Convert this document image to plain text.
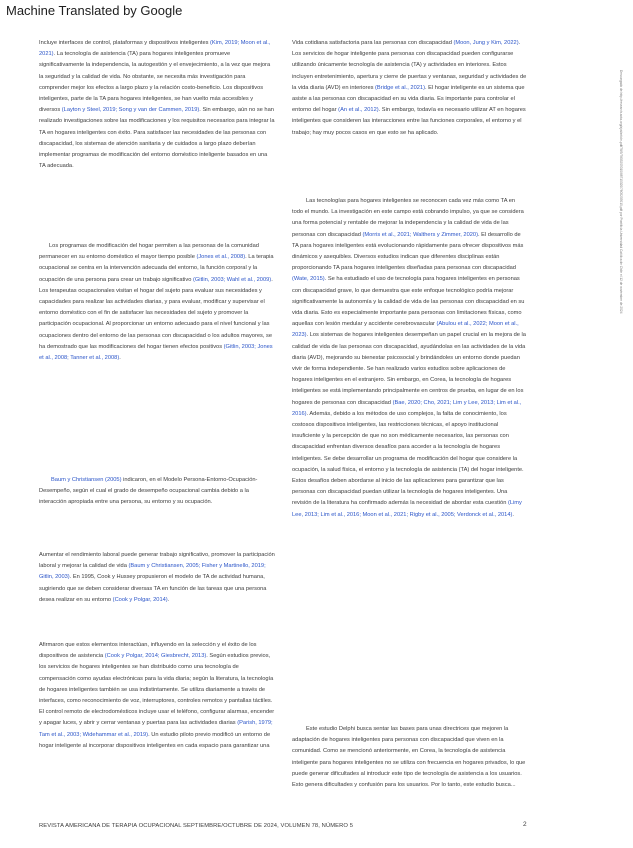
Machine Translated by Google
Descargado de http://research.aota.org/ajot/article-pdf/78/5/7805205010/88710320/7805205010.pdf por Pontificia Universidad Católica de Chile el 12 de noviembre de 2024

Incluye interfaces de control, plataformas y dispositivos inteligentes (Kim, 2019; Moon et al., 2021). La tecnología de asistencia (TA) para hogares inteligentes promueve significativamente la independencia, la autogestión y el envejecimiento, a la vez que mejora la seguridad y la calidad de vida. No obstante, se necesita más investigación para comprender mejor los efectos a largo plazo y la relación costo-beneficio. Los dispositivos inteligentes, parte de la TA para hogares inteligentes, se han vuelto más accesibles y diversos (Layton y Steel, 2019; Song y van der Cammen, 2019). Sin embargo, aún no se han realizado investigaciones sobre las modificaciones y los requisitos necesarios para integrar la TA en hogares inteligentes con éxito. Para satisfacer las necesidades de las personas con discapacidad, los sistemas de atención sanitaria y de cuidados a largo plazo deberían implementar programas de modificación del entorno doméstico inteligente basados en una TA adecuada.

Los programas de modificación del hogar permiten a las personas de la comunidad permanecer en su entorno doméstico el mayor tiempo posible (Jones et al., 2008). La terapia ocupacional se centra en la intervención adecuada del entorno, la función corporal y la ocupación de una persona para crear un trabajo significativo (Gitlin, 2003; Wahl et al., 2009). Los terapeutas ocupacionales visitan el hogar del sujeto para evaluar sus necesidades y capacidades para realizar las actividades diarias, y para evaluar, modificar y supervisar el entorno doméstico con el fin de satisfacer las necesidades del sujeto y promover la participación ocupacional. Al proporcionar un entorno adecuado para el nivel funcional y las ocupaciones dentro del entorno de las personas con discapacidad o los adultos mayores, se ha demostrado que las modificaciones del hogar tienen efectos positivos (Gitlin, 2003; Jones et al., 2008; Tanner et al., 2008).

Baum y Christiansen (2005) indicaron, en el Modelo Persona-Entorno-Ocupación-Desempeño, según el cual el grado de desempeño ocupacional cambia debido a la interacción apropiada entre una persona, su entorno y su ocupación.

Aumentar el rendimiento laboral puede generar trabajo significativo, promover la participación laboral y mejorar la calidad de vida (Baum y Christiansen, 2005; Fisher y Martinello, 2019; Gitlin, 2003). En 1995, Cook y Hussey propusieron el modelo de TA de actividad humana, sugiriendo que se deben considerar diversas TA en función de las tareas que una persona desea realizar en su entorno (Cook y Polgar, 2014).

Afirmaron que estos elementos interactúan, influyendo en la selección y el éxito de los dispositivos de asistencia (Cook y Polgar, 2014; Giesbrecht, 2013). Según estudios previos, los servicios de hogares inteligentes se han distribuido como una tecnología de compensación como ayudas electrónicas para la vida diaria; según la literatura, la tecnología de hogares inteligentes también se usa indistintamente. Se utiliza diariamente a través de interfaces, como reconocimiento de voz, interruptores, controles remotos y pantallas táctiles. El control remoto de electrodomésticos incluye usar el teléfono, configurar alarmas, encender y apagar luces, y abrir y cerrar ventanas y puertas para las actividades diarias (Parish, 1979; Tam et al., 2003; Widehammar et al., 2019). Un estudio piloto previo modificó un entorno de hogar inteligente al incorporar dispositivos inteligentes en cada espacio para garantizar una

Vida cotidiana satisfactoria para las personas con discapacidad (Moon, Jung y Kim, 2022). Los servicios de hogar inteligente para personas con discapacidad pueden configurarse utilizando únicamente tecnología de asistencia (TA) y actividades en interiores. Estos incluyen entretenimiento, apertura y cierre de puertas y ventanas, seguridad y actividades de la vida diaria (AVD) en interiores (Bridge et al., 2021). El hogar inteligente es un sistema que asiste a las personas con discapacidad en su vida diaria. Es importante para controlar el entorno del hogar (An et al., 2012). Sin embargo, todavía es necesario utilizar AT en hogares inteligentes que consideren las interacciones entre las funciones corporales, el entorno y el trabajo; hay muy pocos casos en que esto se ha aplicado.

Las tecnologías para hogares inteligentes se reconocen cada vez más como TA en todo el mundo. La investigación en este campo está cobrando impulso, ya que se considera una forma potencial y rentable de mejorar la independencia y la calidad de vida de las personas con discapacidad (Morris et al., 2021; Walthers y Zimmer, 2020). El desarrollo de TA para hogares inteligentes está evolucionando rápidamente para ofrecer dispositivos más dinámicos y asequibles. Diversos estudios indican que diferentes disciplinas están proporcionando TA para hogares inteligentes diseñadas para personas con discapacidad (Wate, 2015). Se ha estudiado el uso de tecnología para hogares inteligentes en personas con discapacidad grave, lo que demuestra que este enfoque tecnológico podría mejorar significativamente la autonomía y la calidad de vida de las personas con discapacidad en su vida diaria. Esto es especialmente importante para personas con limitaciones físicas, como aquellas con lesión medular y accidente cerebrovascular (Abulou et al., 2022; Moon et al., 2023). Los sistemas de hogares inteligentes desempeñan un papel crucial en la mejora de la calidad de vida de las personas con discapacidad, ayudándolas en las actividades de la vida diaria (AVD), mejorando su bienestar psicosocial y brindándoles un entorno donde puedan vivir de forma independiente. Se han realizado varios estudios sobre aplicaciones de hogares inteligentes en el extranjero. Sin embargo, en Corea, la tecnología de hogares inteligentes se está implementando principalmente en centros de prueba, en lugar de en los hogares de personas con discapacidad (Bae, 2020; Cho, 2021; Lim y Lee, 2013; Lim et al., 2016). Además, debido a los métodos de uso complejos, la falta de conocimiento, los costosos dispositivos inteligentes, las restricciones técnicas, el apoyo institucional insuficiente y la percepción de que no son médicamente necesarios, las personas con discapacidad enfrentan diversos desafíos para acceder a la tecnología de hogares inteligentes. Se debe desarrollar un programa de modificación del hogar que considere la ocupación, la salud física, el entorno y la tecnología de asistencia (TA) del hogar inteligente. Estos desafíos deben abordarse al inicio de las aplicaciones para garantizar que las personas con discapacidad puedan utilizar la tecnología de hogares inteligentes. Una revisión de la literatura ha confirmado además la necesidad de abordar esta cuestión (Limy Lee, 2013; Lim et al., 2016; Moon et al., 2021; Rigby et al., 2005; Verdonck et al., 2014).

Este estudio Delphi busca sentar las bases para unas directrices que mejoren la adaptación de hogares inteligentes para personas con discapacidad que viven en la comunidad. Como se mencionó anteriormente, en Corea, la tecnología de asistencia inteligente para hogares inteligentes no se utiliza con frecuencia en hogares privados, lo que puede generar dificultades al introducir este tipo de tecnología de asistencia a los usuarios. Esto genera dificultades y confusión para los usuarios. Por lo tanto, este estudio busca...

REVISTA AMERICANA DE TERAPIA OCUPACIONAL SEPTIEMBRE/OCTUBRE DE 2024, VOLUMEN 78, NÚMERO 5	2
